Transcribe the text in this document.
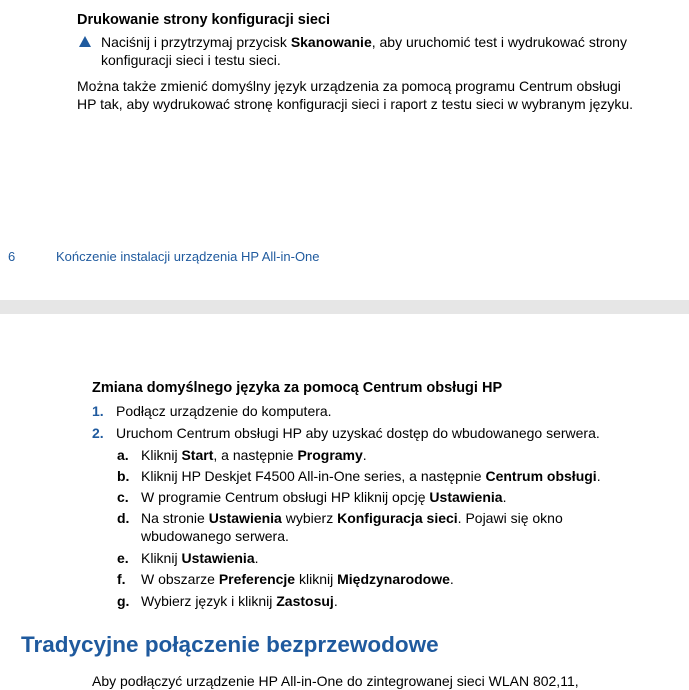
Drukowanie strony konfiguracji sieci
Naciśnij i przytrzymaj przycisk Skanowanie, aby uruchomić test i wydrukować strony
konfiguracji sieci i testu sieci.
Można także zmienić domyślny język urządzenia za pomocą programu Centrum obsługi
HP tak, aby wydrukować stronę konfiguracji sieci i raport z testu sieci w wybranym języku.
6	Kończenie instalacji urządzenia HP All-in-One
Zmiana domyślnego języka za pomocą Centrum obsługi HP
1. Podłącz urządzenie do komputera.
2. Uruchom Centrum obsługi HP aby uzyskać dostęp do wbudowanego serwera.
a. Kliknij Start, a następnie Programy.
b. Kliknij HP Deskjet F4500 All-in-One series, a następnie Centrum obsługi.
c. W programie Centrum obsługi HP kliknij opcję Ustawienia.
d. Na stronie Ustawienia wybierz Konfiguracja sieci. Pojawi się okno
wbudowanego serwera.
e. Kliknij Ustawienia.
f. W obszarze Preferencje kliknij Międzynarodowe.
g. Wybierz język i kliknij Zastosuj.
Tradycyjne połączenie bezprzewodowe
Aby podłączyć urządzenie HP All-in-One do zintegrowanej sieci WLAN 802,11,
